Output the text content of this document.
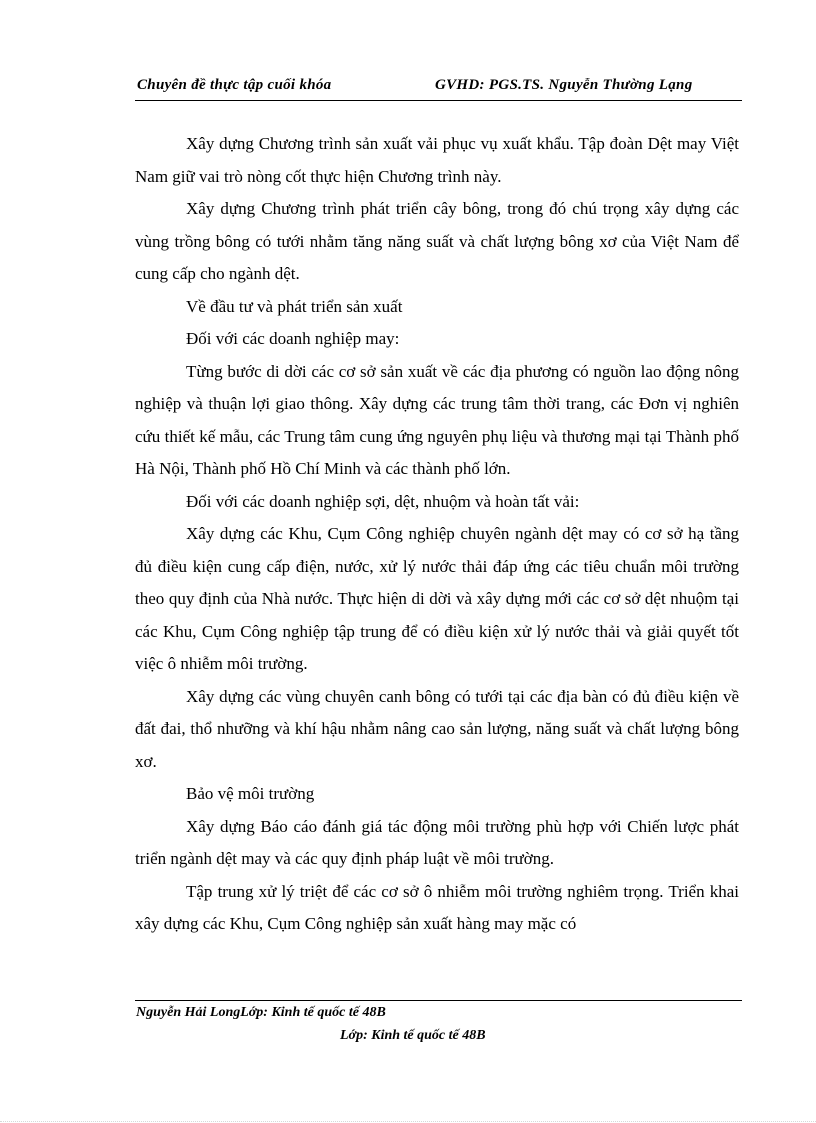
Chuyên đề thực tập cuối khóa	GVHD: PGS.TS. Nguyễn Thường Lạng

Xây dựng Chương trình sản xuất vải phục vụ xuất khẩu. Tập đoàn Dệt may Việt Nam giữ vai trò nòng cốt thực hiện Chương trình này.

Xây dựng Chương trình phát triển cây bông, trong đó chú trọng xây dựng các vùng trồng bông có tưới nhằm tăng năng suất và chất lượng bông xơ của Việt Nam để cung cấp cho ngành dệt.

Về đầu tư và phát triển sản xuất

Đối với các doanh nghiệp may:

Từng bước di dời các cơ sở sản xuất về các địa phương có nguồn lao động nông nghiệp và thuận lợi giao thông. Xây dựng các trung tâm thời trang, các Đơn vị nghiên cứu thiết kế mẫu, các Trung tâm cung ứng nguyên phụ liệu và thương mại tại Thành phố Hà Nội, Thành phố Hồ Chí Minh và các thành phố lớn.

Đối với các doanh nghiệp sợi, dệt, nhuộm và hoàn tất vải:

Xây dựng các Khu, Cụm Công nghiệp chuyên ngành dệt may có cơ sở hạ tầng đủ điều kiện cung cấp điện, nước, xử lý nước thải đáp ứng các tiêu chuẩn môi trường theo quy định của Nhà nước. Thực hiện di dời và xây dựng mới các cơ sở dệt nhuộm tại các Khu, Cụm Công nghiệp tập trung để có điều kiện xử lý nước thải và giải quyết tốt việc ô nhiễm môi trường.

Xây dựng các vùng chuyên canh bông có tưới tại các địa bàn có đủ điều kiện về đất đai, thổ nhưỡng và khí hậu nhằm nâng cao sản lượng, năng suất và chất lượng bông xơ.

Bảo vệ môi trường

Xây dựng Báo cáo đánh giá tác động môi trường phù hợp với Chiến lược phát triển ngành dệt may và các quy định pháp luật về môi trường.

Tập trung xử lý triệt để các cơ sở ô nhiễm môi trường nghiêm trọng. Triển khai xây dựng các Khu, Cụm Công nghiệp sản xuất hàng may mặc có

Nguyễn Hải LongLớp: Kinh tế quốc tế 48B
Lớp: Kinh tế quốc tế 48B
